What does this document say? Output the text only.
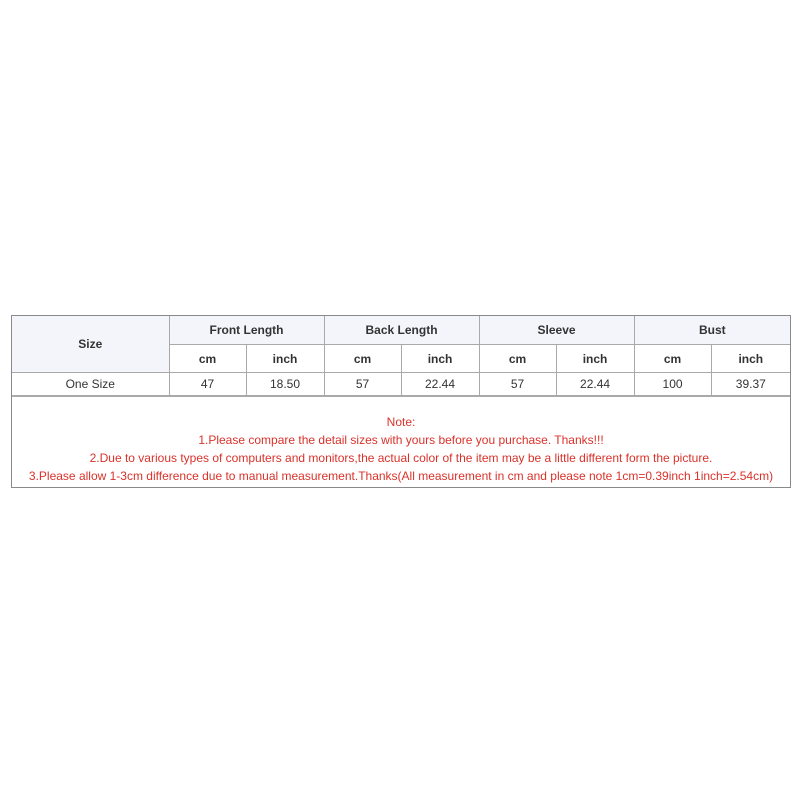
Size	Front Length		Back Length		Sleeve		Bust	
	cm	inch	cm	inch	cm	inch	cm	inch
One Size	47	18.50	57	22.44	57	22.44	100	39.37
Note:
1.Please compare the detail sizes with yours before you purchase. Thanks!!!
2.Due to various types of computers and monitors,the actual color of the item may be a little different form the picture.
3.Please allow 1-3cm difference due to manual measurement.Thanks(All measurement in cm and please note 1cm=0.39inch 1inch=2.54cm)
